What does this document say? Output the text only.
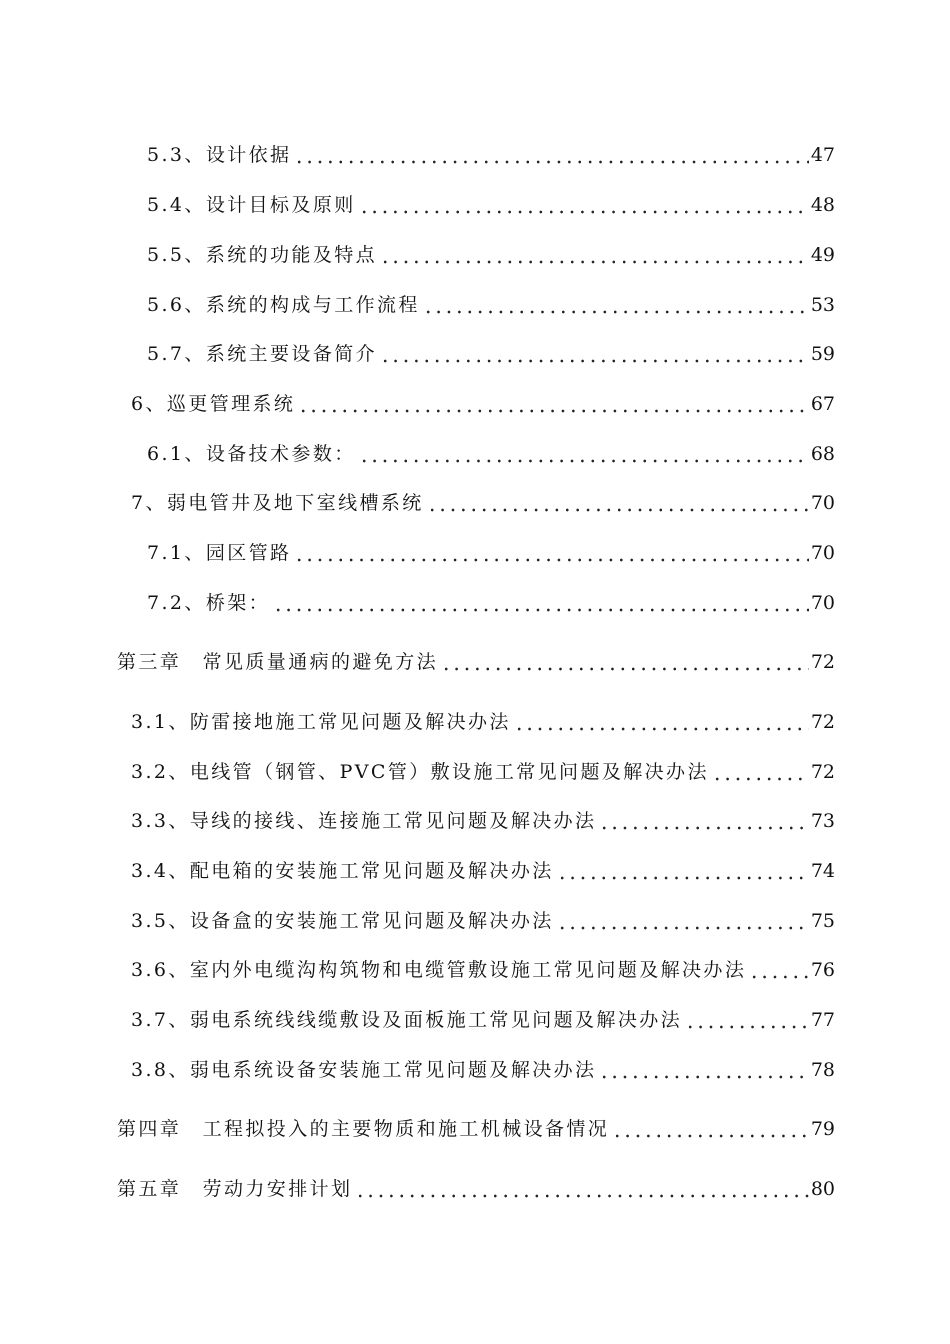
5.3、设计依据	47
5.4、设计目标及原则	48
5.5、系统的功能及特点	49
5.6、系统的构成与工作流程	53
5.7、系统主要设备简介	59
6、巡更管理系统	67
6.1、设备技术参数：	68
7、弱电管井及地下室线槽系统	70
7.1、园区管路	70
7.2、桥架：	70
第三章　常见质量通病的避免方法	72
3.1、防雷接地施工常见问题及解决办法	72
3.2、电线管（钢管、PVC管）敷设施工常见问题及解决办法	72
3.3、导线的接线、连接施工常见问题及解决办法	73
3.4、配电箱的安装施工常见问题及解决办法	74
3.5、设备盒的安装施工常见问题及解决办法	75
3.6、室内外电缆沟构筑物和电缆管敷设施工常见问题及解决办法	76
3.7、弱电系统线线缆敷设及面板施工常见问题及解决办法	77
3.8、弱电系统设备安装施工常见问题及解决办法	78
第四章　工程拟投入的主要物质和施工机械设备情况	79
第五章　劳动力安排计划	80
